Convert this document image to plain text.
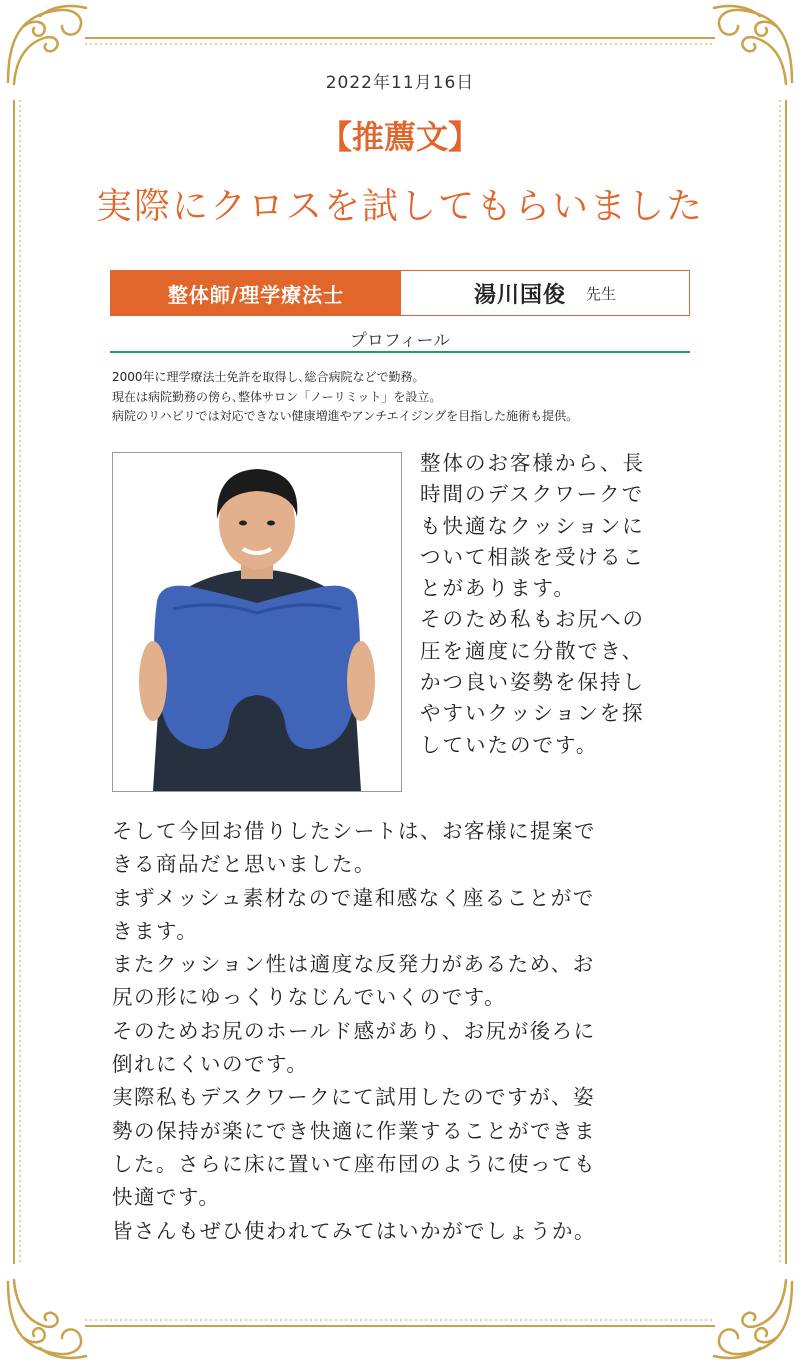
2022年11月16日
【推薦文】
実際にクロスを試してもらいました
整体師/理学療法士	湯川国俊 先生
プロフィール
2000年に理学療法士免許を取得し､総合病院などで勤務。
現在は病院勤務の傍ら､整体サロン「ノーリミット」を設立。
病院のリハビリでは対応できない健康増進やアンチエイジングを目指した施術も提供。
整体のお客様から、長
時間のデスクワークで
も快適なクッションに
ついて相談を受けるこ
とがあります。
そのため私もお尻への
圧を適度に分散でき、
かつ良い姿勢を保持し
やすいクッションを探
していたのです。
そして今回お借りしたシートは、お客様に提案で
きる商品だと思いました。
まずメッシュ素材なので違和感なく座ることがで
きます。
またクッション性は適度な反発力があるため、お
尻の形にゆっくりなじんでいくのです。
そのためお尻のホールド感があり、お尻が後ろに
倒れにくいのです。
実際私もデスクワークにて試用したのですが、姿
勢の保持が楽にでき快適に作業することができま
した。さらに床に置いて座布団のように使っても
快適です。
皆さんもぜひ使われてみてはいかがでしょうか。
